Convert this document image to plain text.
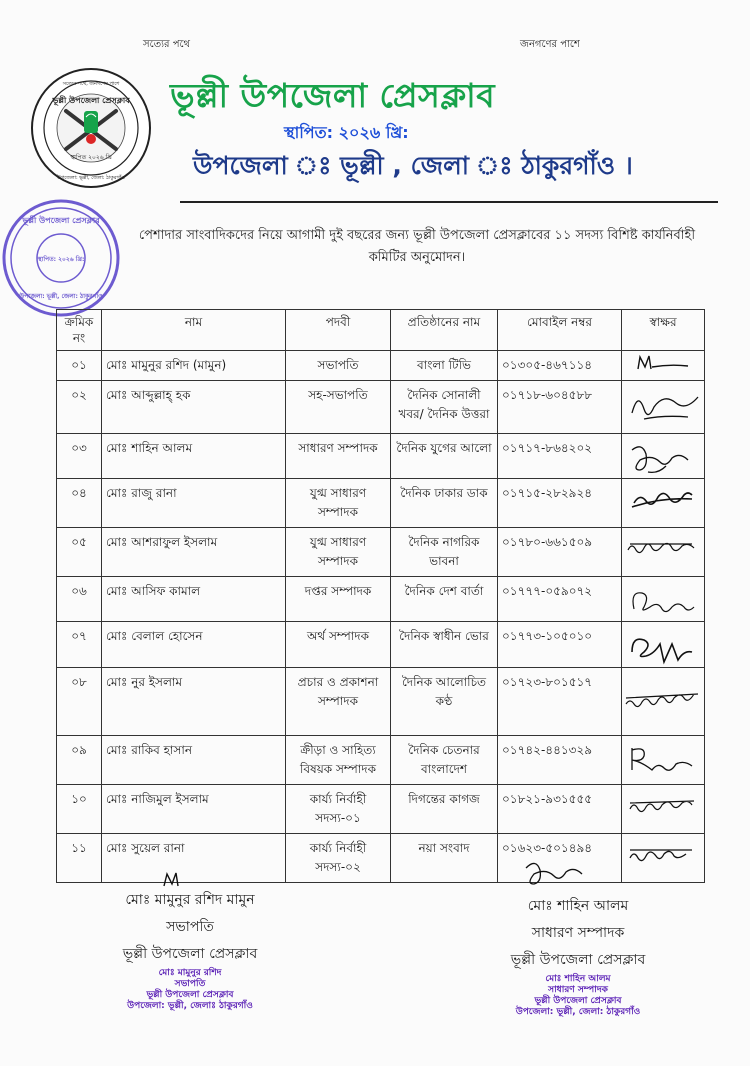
সত্যের পথে	জনগণের পাশে
সত্যের পথে, জনগণের পাশে
ভূল্লী উপজেলা প্রেসক্লাব
স্থাপিত ২০২৬ খ্রি
উপজেলা: ভূল্লী, জেলা: ঠাকুরগাঁও
ভূল্লী উপজেলা প্রেসক্লাব
স্থাপিত: ২০২৬ খ্রি:
উপজেলা ঃ ভূল্লী , জেলা ঃ ঠাকুরগাঁও ।
ভূল্লী উপজেলা প্রেসক্লাব
স্থাপিত: ২০২৬ খ্রি:
উপজেলা: ভূল্লী, জেলা: ঠাকুরগাঁও
পেশাদার সাংবাদিকদের নিয়ে আগামী দুই বছরের জন্য ভূল্লী উপজেলা প্রেসক্লাবের ১১ সদস্য বিশিষ্ট কার্যনির্বাহী কমিটির অনুমোদন।
ক্রমিক নং	নাম	পদবী	প্রতিষ্ঠানের নাম	মোবাইল নম্বর	স্বাক্ষর
০১	মোঃ মামুনুর রশিদ (মামুন)	সভাপতি	বাংলা টিভি	০১৩০৫-৪৬৭১১৪	

০২	মোঃ আব্দুল্লাহ্‌ হক	সহ-সভাপতি	দৈনিক সোনালী খবর/ দৈনিক উত্তরা	০১৭১৮-৬০৪৫৮৮	

০৩	মোঃ শাহিন আলম	সাধারণ সম্পাদক	দৈনিক যুগের আলো	০১৭১৭-৮৬৪২০২	

০৪	মোঃ রাজু রানা	যুগ্ম সাধারণ সম্পাদক	দৈনিক ঢাকার ডাক	০১৭১৫-২৮২৯২৪	

০৫	মোঃ আশরাফুল ইসলাম	যুগ্ম সাধারণ সম্পাদক	দৈনিক নাগরিক ভাবনা	০১৭৮০-৬৬১৫০৯	

০৬	মোঃ আসিফ কামাল	দপ্তর সম্পাদক	দৈনিক দেশ বার্তা	০১৭৭৭-০৫৯০৭২	

০৭	মোঃ বেলাল হোসেন	অর্থ সম্পাদক	দৈনিক স্বাধীন ভোর	০১৭৭৩-১০৫০১০	

০৮	মোঃ নুর ইসলাম	প্রচার ও প্রকাশনা সম্পাদক	দৈনিক আলোচিত কণ্ঠ	০১৭২৩-৮০১৫১৭	

০৯	মোঃ রাকিব হাসান	ক্রীড়া ও সাহিত্য বিষয়ক সম্পাদক	দৈনিক চেতনার বাংলাদেশ	০১৭৪২-৪৪১৩২৯	

১০	মোঃ নাজিমুল ইসলাম	কার্য্য নির্বাহী সদস্য-০১	দিগন্তের কাগজ	০১৮২১-৯৩১৫৫৫	

১১	মোঃ সুয়েল রানা	কার্য্য নির্বাহী সদস্য-০২	নয়া সংবাদ	০১৬২৩-৫০১৪৯৪	
মোঃ মামুনুর রশিদ মামুন
সভাপতি
ভূল্লী উপজেলা প্রেসক্লাব
মোঃ মামুনুর রশিদ
সভাপতি
ভূল্লী উপজেলা প্রেসক্লাব
উপজেলা: ভূল্লী, জেলাঃ ঠাকুরগাঁও
মোঃ শাহিন আলম
সাধারণ সম্পাদক
ভূল্লী উপজেলা প্রেসক্লাব
মোঃ শাহিন আলম
সাধারণ সম্পাদক
ভূল্লী উপজেলা প্রেসক্লাব
উপজেলা: ভূল্লী, জেলা: ঠাকুরগাঁও
